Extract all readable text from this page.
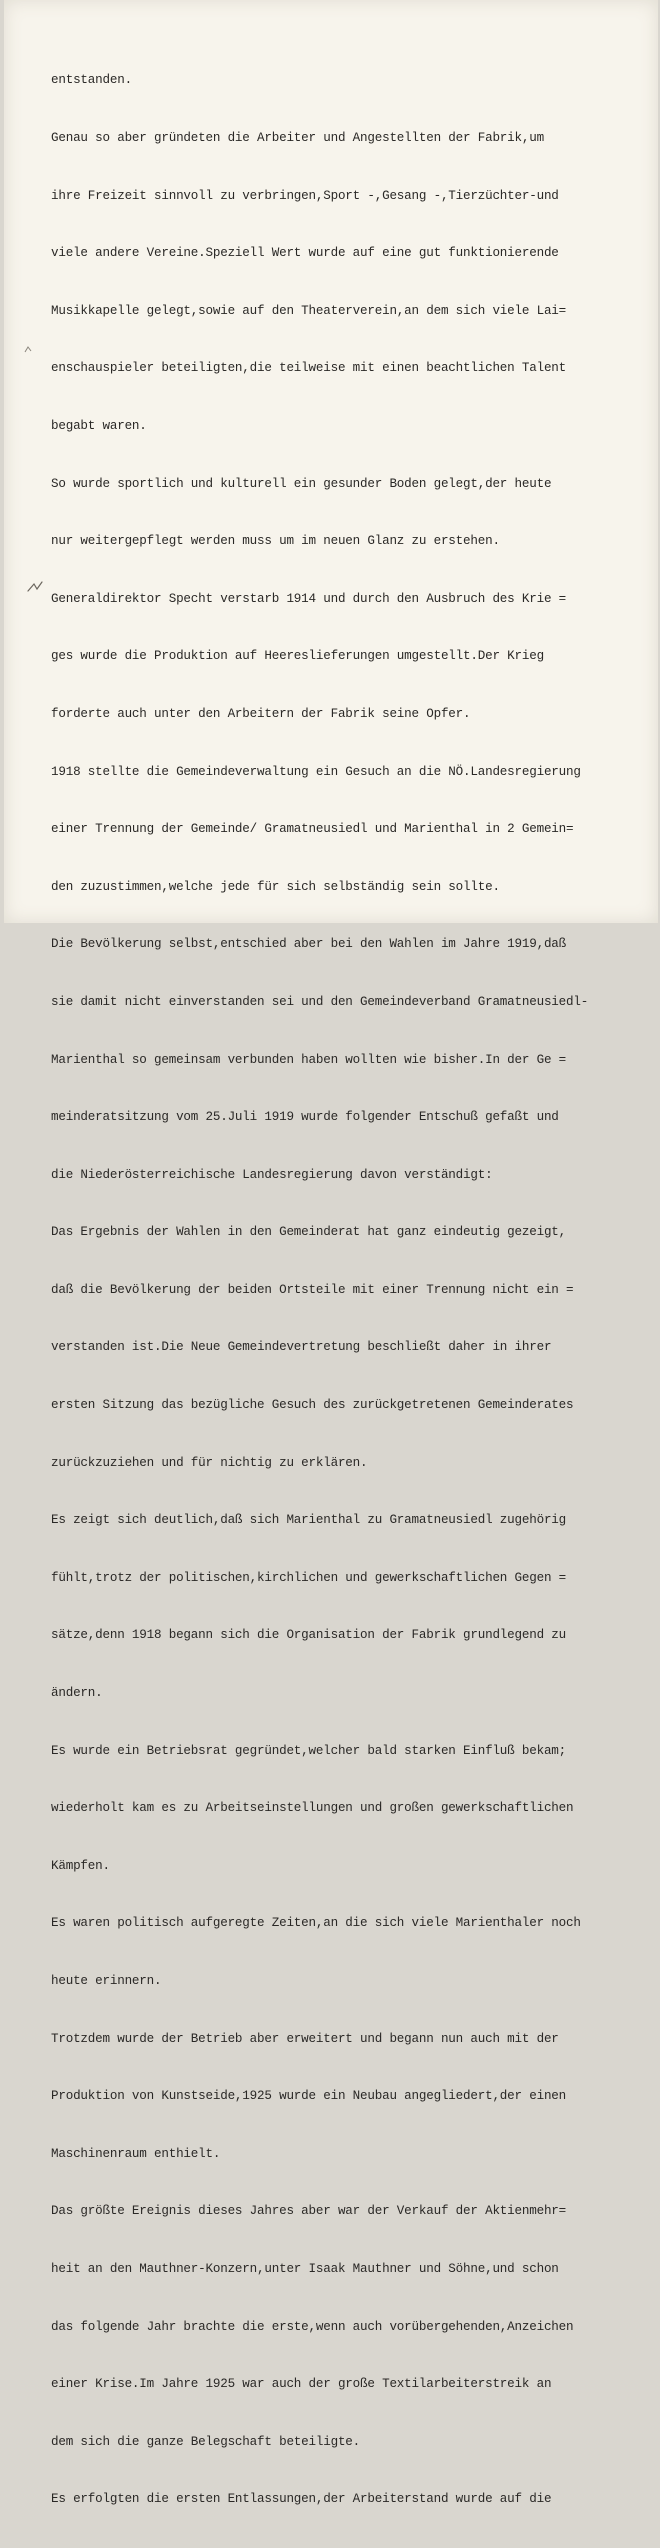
entstanden.

Genau so aber gründeten die Arbeiter und Angestellten der Fabrik,um

ihre Freizeit sinnvoll zu verbringen,Sport -,Gesang -,Tierzüchter-und

viele andere Vereine.Speziell Wert wurde auf eine gut funktionierende

Musikkapelle gelegt,sowie auf den Theaterverein,an dem sich viele Lai=

enschauspieler beteiligten,die teilweise mit einen beachtlichen Talent

begabt waren.

So wurde sportlich und kulturell ein gesunder Boden gelegt,der heute

nur weitergepflegt werden muss um im neuen Glanz zu erstehen.

Generaldirektor Specht verstarb 1914 und durch den Ausbruch des Krie =

ges wurde die Produktion auf Heereslieferungen umgestellt.Der Krieg

forderte auch unter den Arbeitern der Fabrik seine Opfer.

1918 stellte die Gemeindeverwaltung ein Gesuch an die NÖ.Landesregierung

einer Trennung der Gemeinde/ Gramatneusiedl und Marienthal in 2 Gemein=

den zuzustimmen,welche jede für sich selbständig sein sollte.

Die Bevölkerung selbst,entschied aber bei den Wahlen im Jahre 1919,daß

sie damit nicht einverstanden sei und den Gemeindeverband Gramatneusiedl-

Marienthal so gemeinsam verbunden haben wollten wie bisher.In der Ge =

meinderatsitzung vom 25.Juli 1919 wurde folgender Entschuß gefaßt und

die Niederösterreichische Landesregierung davon verständigt:

Das Ergebnis der Wahlen in den Gemeinderat hat ganz eindeutig gezeigt,

daß die Bevölkerung der beiden Ortsteile mit einer Trennung nicht ein =

verstanden ist.Die Neue Gemeindevertretung beschließt daher in ihrer

ersten Sitzung das bezügliche Gesuch des zurückgetretenen Gemeinderates

zurückzuziehen und für nichtig zu erklären.

Es zeigt sich deutlich,daß sich Marienthal zu Gramatneusiedl zugehörig

fühlt,trotz der politischen,kirchlichen und gewerkschaftlichen Gegen =

sätze,denn 1918 begann sich die Organisation der Fabrik grundlegend zu

ändern.

Es wurde ein Betriebsrat gegründet,welcher bald starken Einfluß bekam;

wiederholt kam es zu Arbeitseinstellungen und großen gewerkschaftlichen

Kämpfen.

Es waren politisch aufgeregte Zeiten,an die sich viele Marienthaler noch

heute erinnern.

Trotzdem wurde der Betrieb aber erweitert und begann nun auch mit der

Produktion von Kunstseide,1925 wurde ein Neubau angegliedert,der einen

Maschinenraum enthielt.

Das größte Ereignis dieses Jahres aber war der Verkauf der Aktienmehr=

heit an den Mauthner-Konzern,unter Isaak Mauthner und Söhne,und schon

das folgende Jahr brachte die erste,wenn auch vorübergehenden,Anzeichen

einer Krise.Im Jahre 1925 war auch der große Textilarbeiterstreik an

dem sich die ganze Belegschaft beteiligte.

Es erfolgten die ersten Entlassungen,der Arbeiterstand wurde auf die
